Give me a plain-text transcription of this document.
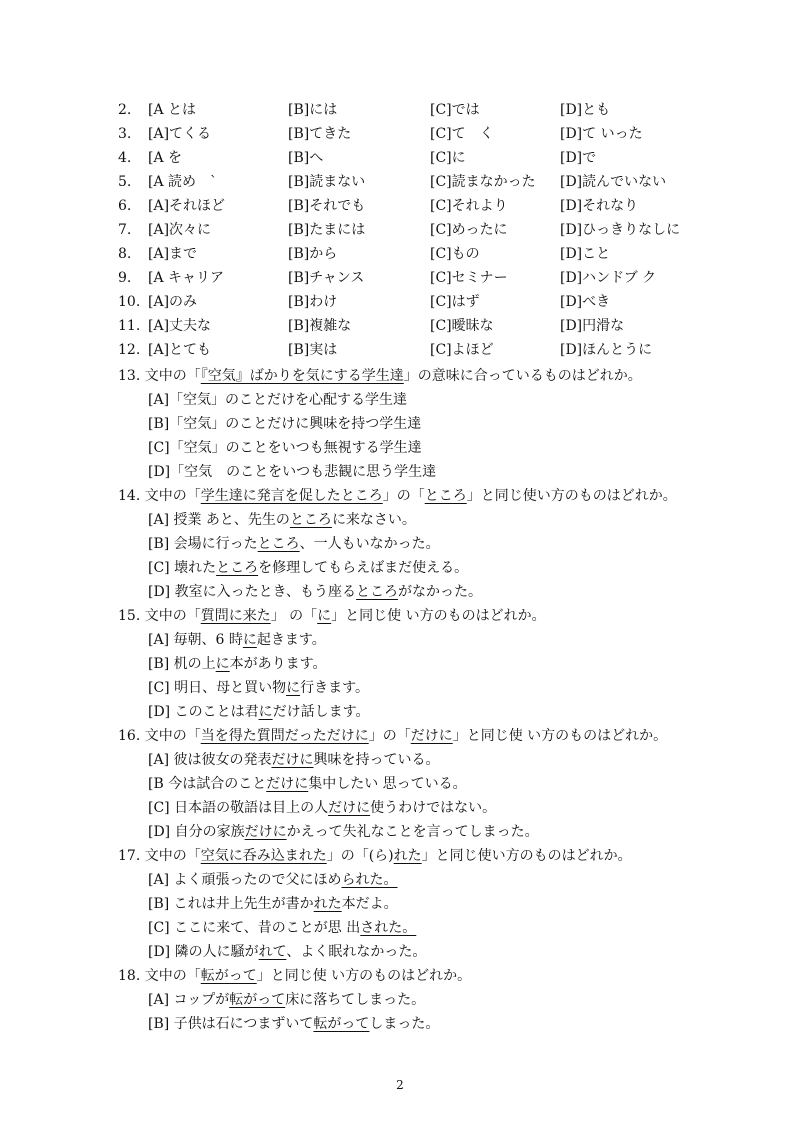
2.	[A とは	[B]には	[C]では	[D]とも
3.	[A]てくる	[B]てきた	[C]て　く	[D]て いった
4.	[A を	[B]へ	[C]に	[D]で
5.	[A 読め　`	[B]読まない	[C]読まなかった [D]読んでいない
6.	[A]それほど	[B]それでも	[C]それより	[D]それなり
7.	[A]次々に	[B]たまには	[C]めったに	[D]ひっきりなしに
8.	[A]まで	[B]から	[C]もの	[D]こと
9.	[A キャリア	[B]チャンス	[C]セミナー	[D]ハンドブ ク
10. [A]のみ	[B]わけ	[C]はず	[D]べき
11. [A]丈夫な	[B]複雑な	[C]曖昧な	[D]円滑な
12. [A]とても	[B]実は	[C]よほど	[D]ほんとうに
13. 文中の「『空気』ばかりを気にする学生達」の意味に合っているものはどれか。
[A]「空気」のことだけを心配する学生達
[B]「空気」のことだけに興味を持つ学生達
[C]「空気」のことをいつも無視する学生達
[D]「空気　のことをいつも悲観に思う学生達
14. 文中の「学生達に発言を促したところ」の「ところ」と同じ使い方のものはどれか。
[A] 授業 あと、先生のところに来なさい。
[B] 会場に行ったところ、一人もいなかった。
[C] 壊れたところを修理してもらえばまだ使える。
[D] 教室に入ったとき、もう座るところがなかった。
15. 文中の「質問に来た」 の「に」と同じ使 い方のものはどれか。
[A] 毎朝、6 時に起きます。
[B] 机の上に本があります。
[C] 明日、母と買い物に行きます。
[D] このことは君にだけ話します。
16. 文中の「当を得た質問だっただけに」の「だけに」と同じ使 い方のものはどれか。
[A] 彼は彼女の発表だけに興味を持っている。
[B 今は試合のことだけに集中したい 思っている。
[C] 日本語の敬語は目上の人だけに使うわけではない。
[D] 自分の家族だけにかえって失礼なことを言ってしまった。
17. 文中の「空気に呑み込まれた」の「(ら)れた」と同じ使い方のものはどれか。
[A] よく頑張ったので父にほめられた。
[B] これは井上先生が書かれた本だよ。
[C] ここに来て、昔のことが思 出された。
[D] 隣の人に騒がれて、よく眠れなかった。
18. 文中の「転がって」と同じ使 い方のものはどれか。
[A] コップが転がって床に落ちてしまった。
[B] 子供は石につまずいて転がってしまった。
2
